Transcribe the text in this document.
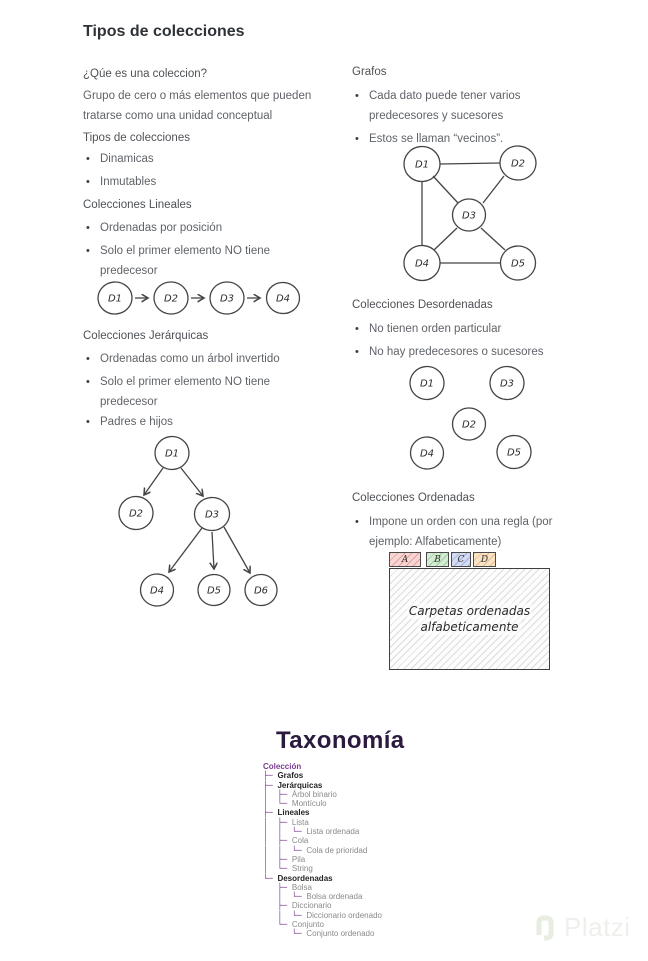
Tipos de colecciones
¿Qúe es una coleccion?

Grupo de cero o más elementos que pueden
tratarse como una unidad conceptual

Tipos de colecciones
• Dinamicas
• Inmutables
Colecciones Lineales
• Ordenadas por posición
• Solo el primer elemento NO tiene
predecesor
Colecciones Jerárquicas
• Ordenadas como un árbol invertido
• Solo el primer elemento NO tiene
predecesor
• Padres e hijos
Grafos
• Cada dato puede tener varios
predecesores y sucesores
• Estos se llaman “vecinos”.
Colecciones Desordenadas
• No tienen orden particular
• No hay predecesores o sucesores
Colecciones Ordenadas
• Impone un orden con una regla (por
ejemplo: Alfabeticamente)
D1	D2	D3	D4
D1
D2	D3
D4	D5	D6
D1	D2
D3
D4	D5
D1	D3
D2
D4	D5
A	B C D
Carpetas ordenadas
alfabeticamente
Taxonomía
Colección
├─ Grafos
├─ Jerárquicas
│  ├─ Árbol binario
│  └─ Montículo
├─ Lineales
│  ├─ Lista
│  │  └─ Lista ordenada
│  ├─ Cola
│  │  └─ Cola de prioridad
│  ├─ Pila
│  └─ String
└─ Desordenadas
├─ Bolsa
│  └─ Bolsa ordenada
├─ Diccionario
│  └─ Diccionario ordenado
└─ Conjunto
└─ Conjunto ordenado	Platzi
